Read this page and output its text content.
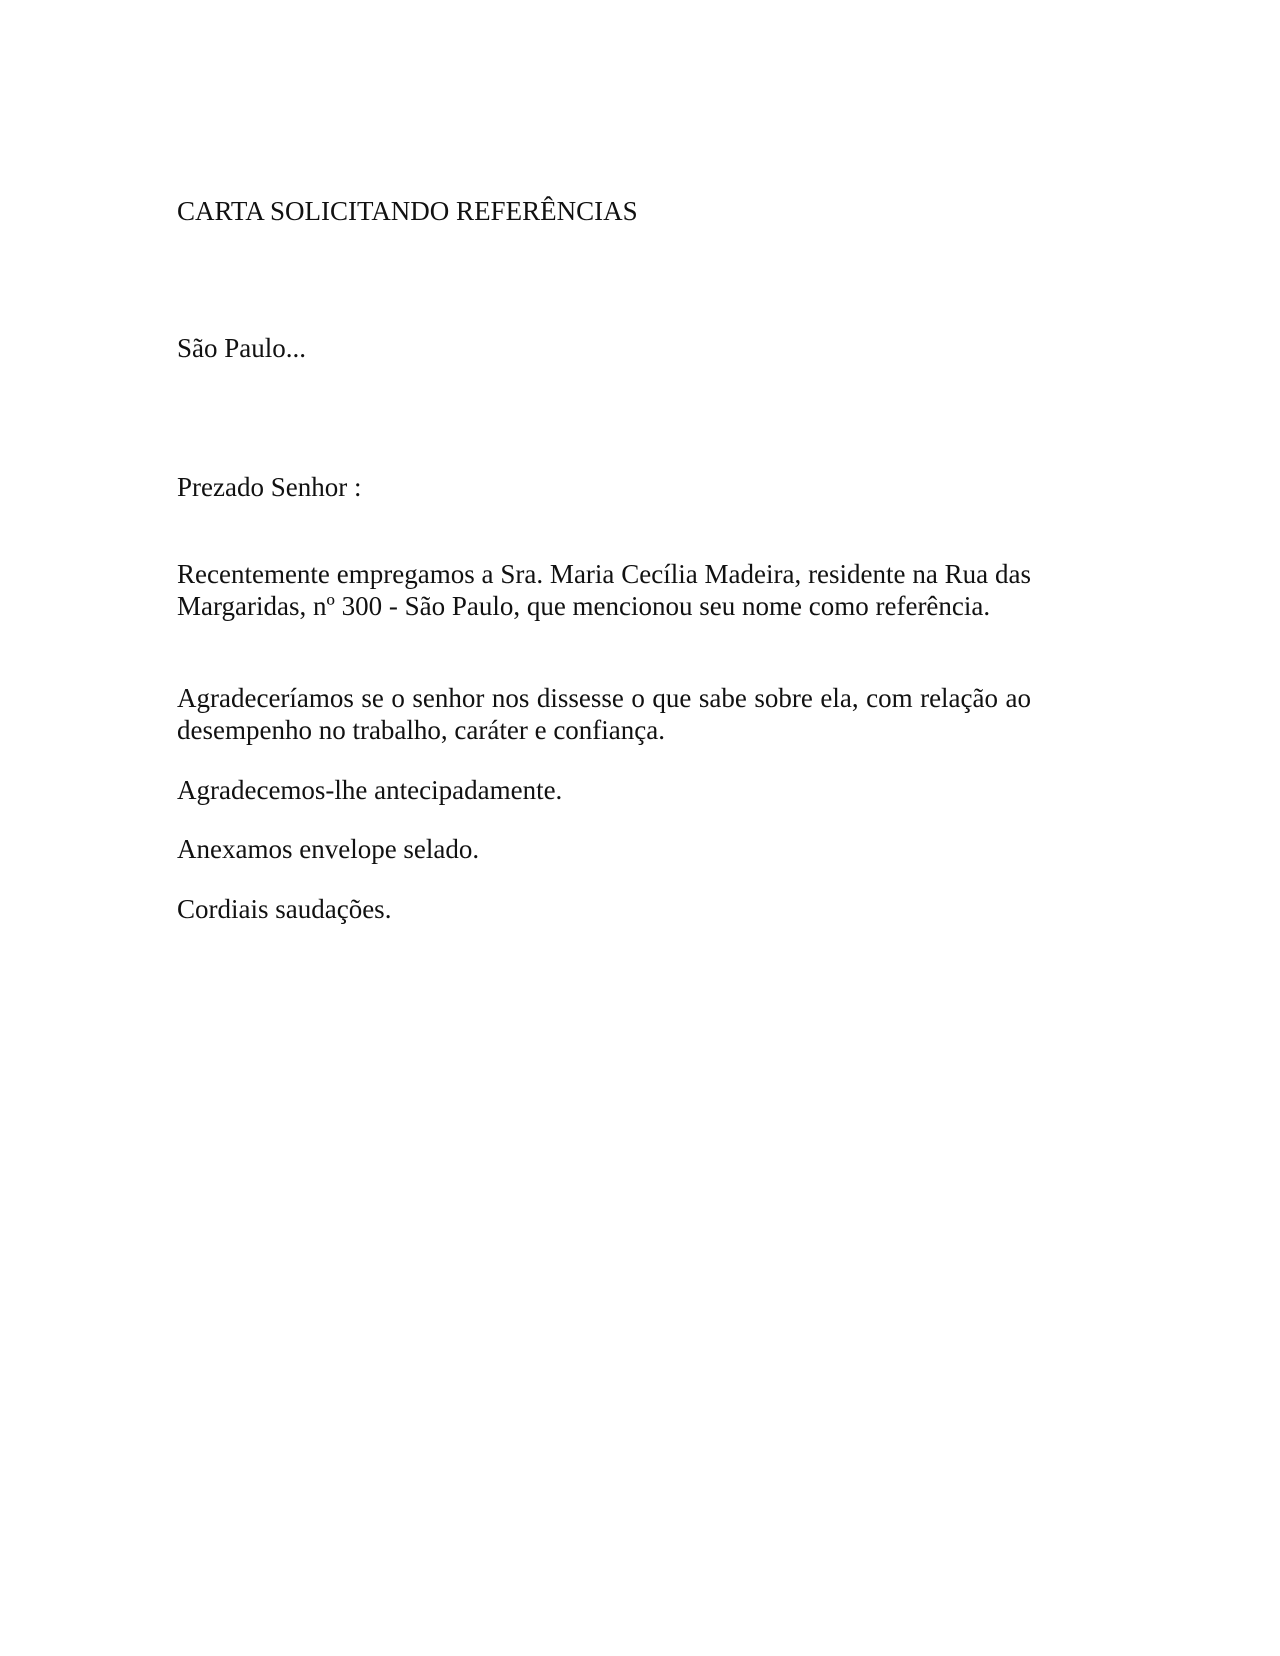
CARTA SOLICITANDO REFERÊNCIAS

São Paulo...

Prezado Senhor :

Recentemente empregamos a Sra. Maria Cecília Madeira, residente na Rua das Margaridas, nº 300 - São Paulo, que mencionou seu nome como referência.

Agradeceríamos se o senhor nos dissesse o que sabe sobre ela, com relação ao desempenho no trabalho, caráter e confiança.

Agradecemos-lhe antecipadamente.

Anexamos envelope selado.

Cordiais saudações.
